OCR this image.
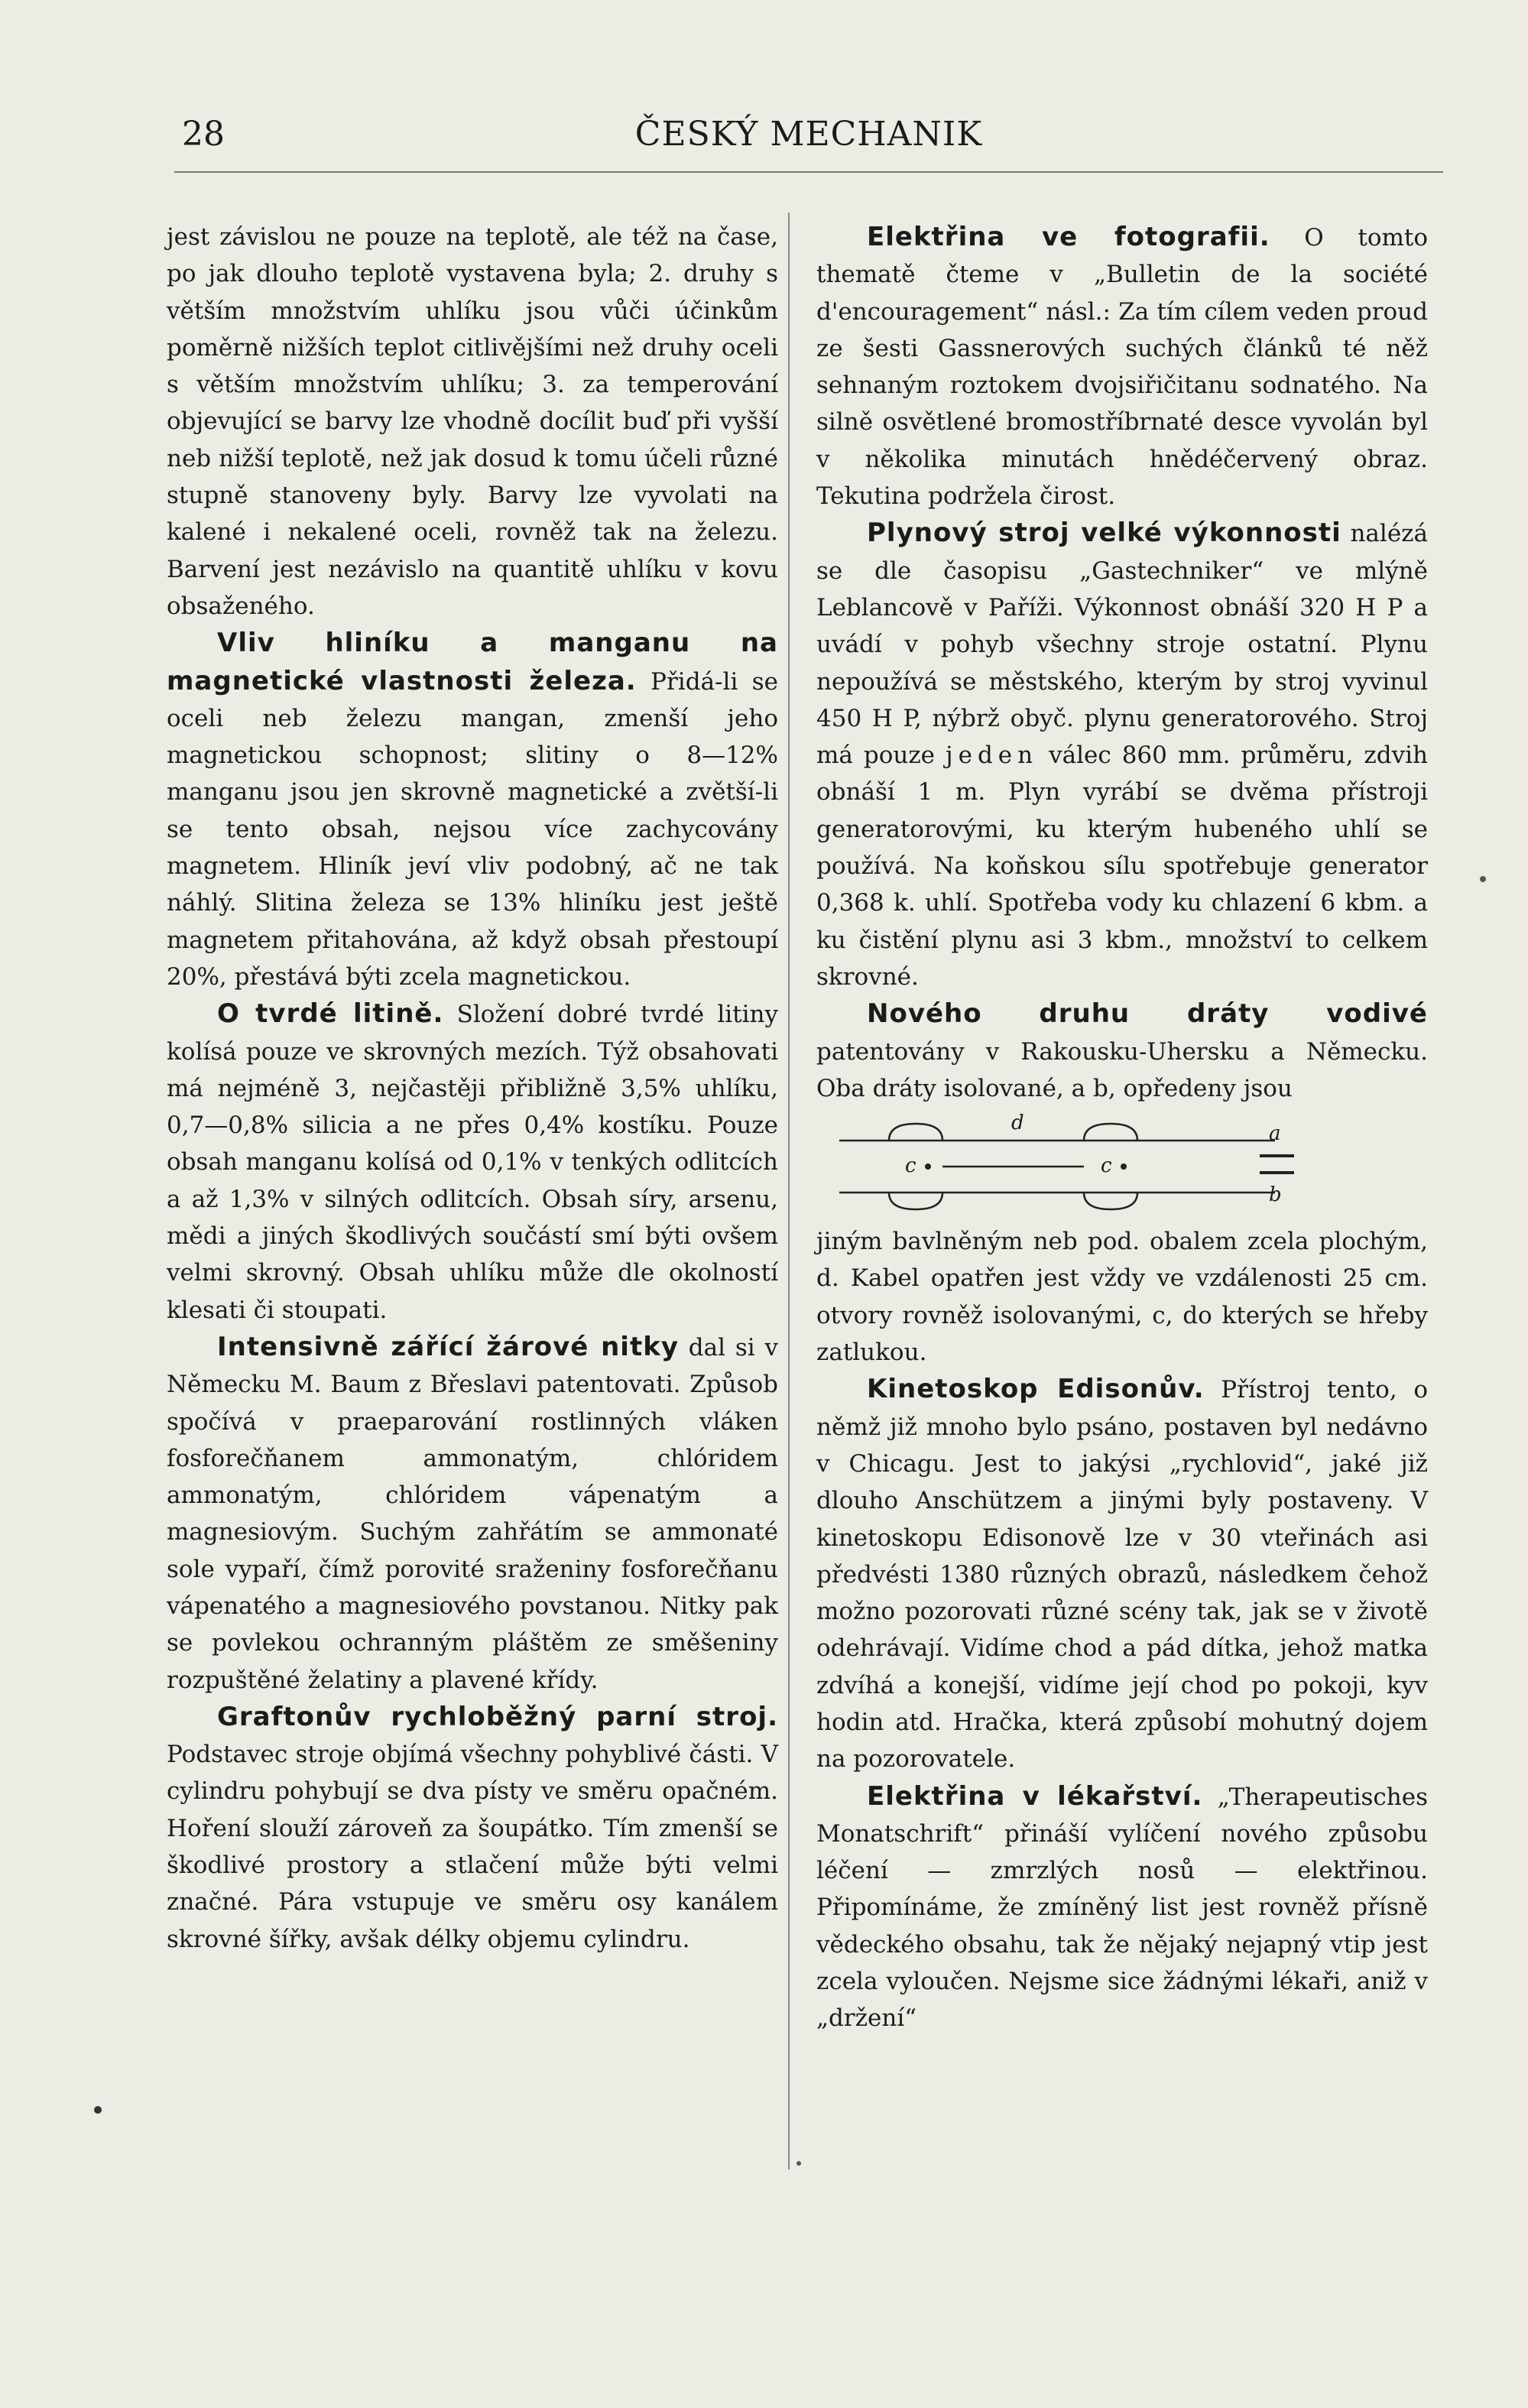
28	ČESKÝ MECHANIK

jest závislou ne pouze na teplotě, ale též na čase, po jak dlouho teplotě vystavena byla; 2. druhy s větším množstvím uhlíku jsou vůči účinkům poměrně nižších teplot citlivějšími než druhy oceli s větším množstvím uhlíku; 3. za temperování objevující se barvy lze vhodně docílit buď při vyšší neb nižší teplotě, než jak dosud k tomu účeli různé stupně stanoveny byly. Barvy lze vyvolati na kalené i nekalené oceli, rovněž tak na železu. Barvení jest nezávislo na quantitě uhlíku v kovu obsaženého.

Vliv hliníku a manganu na magnetické vlastnosti železa. Přidá-li se oceli neb železu mangan, zmenší jeho magnetickou schopnost; slitiny o 8—12% manganu jsou jen skrovně magnetické a zvětší-li se tento obsah, nejsou více zachycovány magnetem. Hliník jeví vliv podobný, ač ne tak náhlý. Slitina železa se 13% hliníku jest ještě magnetem přitahována, až když obsah přestoupí 20%, přestává býti zcela magnetickou.

O tvrdé litině. Složení dobré tvrdé litiny kolísá pouze ve skrovných mezích. Týž obsahovati má nejméně 3, nejčastěji přibližně 3,5% uhlíku, 0,7—0,8% silicia a ne přes 0,4% kostíku. Pouze obsah manganu kolísá od 0,1% v tenkých odlitcích a až 1,3% v silných odlitcích. Obsah síry, arsenu, mědi a jiných škodlivých součástí smí býti ovšem velmi skrovný. Obsah uhlíku může dle okolností klesati či stoupati.

Intensivně zářící žárové nitky dal si v Německu M. Baum z Břeslavi patentovati. Způsob spočívá v praeparování rostlinných vláken fosforečňanem ammonatým, chlóridem ammonatým, chlóridem vápenatým a magnesiovým. Suchým zahřátím se ammonaté sole vypaří, čímž porovité sraženiny fosforečňanu vápenatého a magnesiového povstanou. Nitky pak se povlekou ochranným pláštěm ze směšeniny rozpuštěné želatiny a plavené křídy.

Graftonův rychloběžný parní stroj. Podstavec stroje objímá všechny pohyblivé části. V cylindru pohybují se dva písty ve směru opačném. Hoření slouží zároveň za šoupátko. Tím zmenší se škodlivé prostory a stlačení může býti velmi značné. Pára vstupuje ve směru osy kanálem skrovné šířky, avšak délky objemu cylindru.

Elektřina ve fotografii. O tomto thematě čteme v „Bulletin de la société d'encouragement“ násl.: Za tím cílem veden proud ze šesti Gassnerových suchých článků té něž sehnaným roztokem dvojsiřičitanu sodnatého. Na silně osvětlené bromostříbrnaté desce vyvolán byl v několika minutách hnědéčervený obraz. Tekutina podržela čirost.

Plynový stroj velké výkonnosti nalézá se dle časopisu „Gastechniker“ ve mlýně Leblancově v Paříži. Výkonnost obnáší 320 H P a uvádí v pohyb všechny stroje ostatní. Plynu nepoužívá se městského, kterým by stroj vyvinul 450 H P, nýbrž obyč. plynu generatorového. Stroj má pouze jeden válec 860 mm. průměru, zdvih obnáší 1 m. Plyn vyrábí se dvěma přístroji generatorovými, ku kterým hubeného uhlí se používá. Na koňskou sílu spotřebuje generator 0,368 k. uhlí. Spotřeba vody ku chlazení 6 kbm. a ku čistění plynu asi 3 kbm., množství to celkem skrovné.

Nového druhu dráty vodivé patentovány v Rakousku-Uhersku a Německu. Oba dráty isolované, a b, opředeny jsou

d	a
b
c	c

jiným bavlněným neb pod. obalem zcela plochým, d. Kabel opatřen jest vždy ve vzdálenosti 25 cm. otvory rovněž isolovanými, c, do kterých se hřeby zatlukou.

Kinetoskop Edisonův. Přístroj tento, o němž již mnoho bylo psáno, postaven byl nedávno v Chicagu. Jest to jakýsi „rychlovid“, jaké již dlouho Anschützem a jinými byly postaveny. V kinetoskopu Edisonově lze v 30 vteřinách asi předvésti 1380 různých obrazů, následkem čehož možno pozorovati různé scény tak, jak se v životě odehrávají. Vidíme chod a pád dítka, jehož matka zdvíhá a konejší, vidíme její chod po pokoji, kyv hodin atd. Hračka, která způsobí mohutný dojem na pozorovatele.

Elektřina v lékařství. „Therapeutisches Monatschrift“ přináší vylíčení nového způsobu léčení — zmrzlých nosů — elektřinou. Připomínáme, že zmíněný list jest rovněž přísně vědeckého obsahu, tak že nějaký nejapný vtip jest zcela vyloučen. Nejsme sice žádnými lékaři, aniž v „držení“
